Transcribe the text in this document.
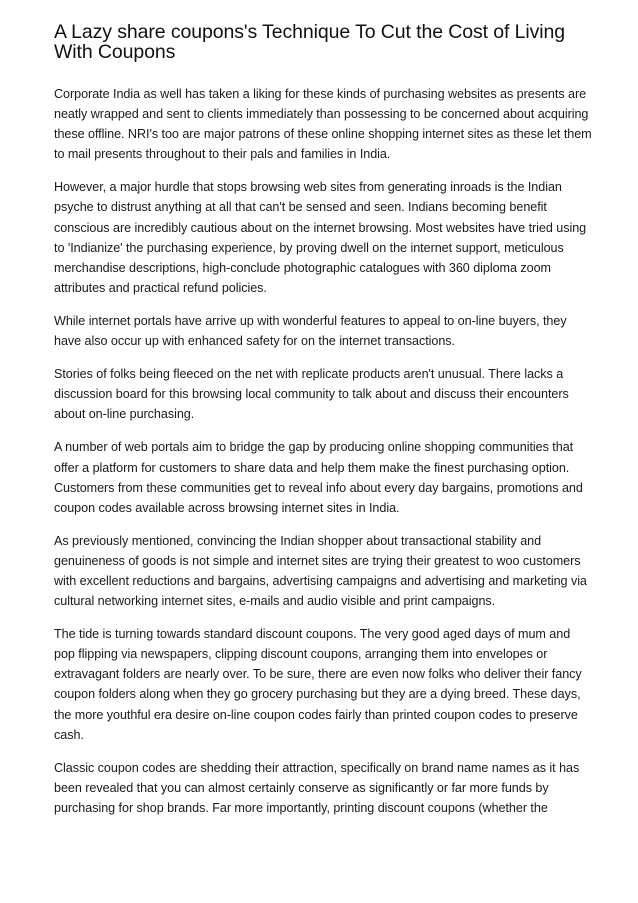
A Lazy share coupons's Technique To Cut the Cost of Living With Coupons

Corporate India as well has taken a liking for these kinds of purchasing websites as presents are neatly wrapped and sent to clients immediately than possessing to be concerned about acquiring these offline. NRI's too are major patrons of these online shopping internet sites as these let them to mail presents throughout to their pals and families in India.

However, a major hurdle that stops browsing web sites from generating inroads is the Indian psyche to distrust anything at all that can't be sensed and seen. Indians becoming benefit conscious are incredibly cautious about on the internet browsing. Most websites have tried using to 'Indianize' the purchasing experience, by proving dwell on the internet support, meticulous merchandise descriptions, high-conclude photographic catalogues with 360 diploma zoom attributes and practical refund policies.

While internet portals have arrive up with wonderful features to appeal to on-line buyers, they have also occur up with enhanced safety for on the internet transactions.

Stories of folks being fleeced on the net with replicate products aren't unusual. There lacks a discussion board for this browsing local community to talk about and discuss their encounters about on-line purchasing.

A number of web portals aim to bridge the gap by producing online shopping communities that offer a platform for customers to share data and help them make the finest purchasing option. Customers from these communities get to reveal info about every day bargains, promotions and coupon codes available across browsing internet sites in India.

As previously mentioned, convincing the Indian shopper about transactional stability and genuineness of goods is not simple and internet sites are trying their greatest to woo customers with excellent reductions and bargains, advertising campaigns and advertising and marketing via cultural networking internet sites, e-mails and audio visible and print campaigns.

The tide is turning towards standard discount coupons. The very good aged days of mum and pop flipping via newspapers, clipping discount coupons, arranging them into envelopes or extravagant folders are nearly over. To be sure, there are even now folks who deliver their fancy coupon folders along when they go grocery purchasing but they are a dying breed. These days, the more youthful era desire on-line coupon codes fairly than printed coupon codes to preserve cash.

Classic coupon codes are shedding their attraction, specifically on brand name names as it has been revealed that you can almost certainly conserve as significantly or far more funds by purchasing for shop brands. Far more importantly, printing discount coupons (whether the
